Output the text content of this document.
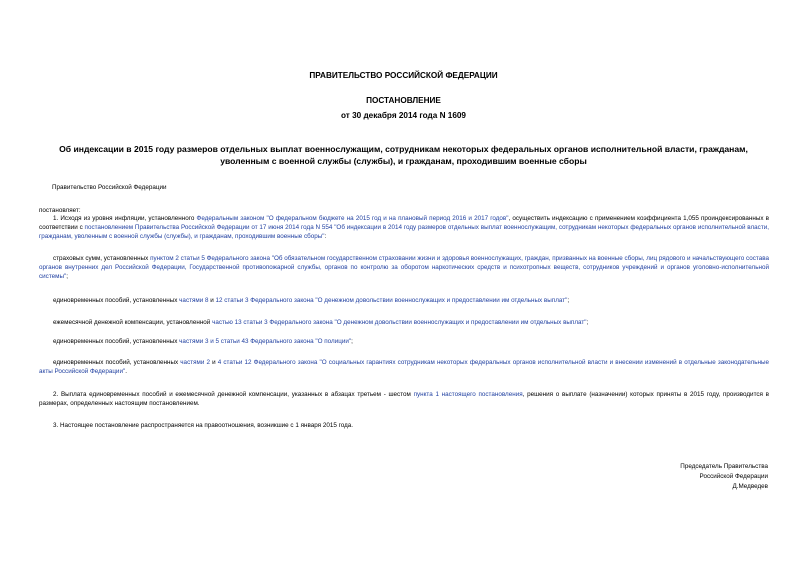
ПРАВИТЕЛЬСТВО РОССИЙСКОЙ ФЕДЕРАЦИИ
ПОСТАНОВЛЕНИЕ
от 30 декабря 2014 года N 1609
Об индексации в 2015 году размеров отдельных выплат военнослужащим, сотрудникам некоторых федеральных органов исполнительной власти, гражданам, уволенным с военной службы (службы), и гражданам, проходившим военные сборы
Правительство Российской Федерации
постановляет:
1. Исходя из уровня инфляции, установленного Федеральным законом "О федеральном бюджете на 2015 год и на плановый период 2016 и 2017 годов", осуществить индексацию с применением коэффициента 1,055 проиндексированных в соответствии с постановлением Правительства Российской Федерации от 17 июня 2014 года N 554 "Об индексации в 2014 году размеров отдельных выплат военнослужащим, сотрудникам некоторых федеральных органов исполнительной власти, гражданам, уволенным с военной службы (службы), и гражданам, проходившим военные сборы":
страховых сумм, установленных пунктом 2 статьи 5 Федерального закона "Об обязательном государственном страховании жизни и здоровья военнослужащих, граждан, призванных на военные сборы, лиц рядового и начальствующего состава органов внутренних дел Российской Федерации, Государственной противопожарной службы, органов по контролю за оборотом наркотических средств и психотропных веществ, сотрудников учреждений и органов уголовно-исполнительной системы";
единовременных пособий, установленных частями 8 и 12 статьи 3 Федерального закона "О денежном довольствии военнослужащих и предоставлении им отдельных выплат";
ежемесячной денежной компенсации, установленной частью 13 статьи 3 Федерального закона "О денежном довольствии военнослужащих и предоставлении им отдельных выплат";
единовременных пособий, установленных частями 3 и 5 статьи 43 Федерального закона "О полиции";
единовременных пособий, установленных частями 2 и 4 статьи 12 Федерального закона "О социальных гарантиях сотрудникам некоторых федеральных органов исполнительной власти и внесении изменений в отдельные законодательные акты Российской Федерации".
2. Выплата единовременных пособий и ежемесячной денежной компенсации, указанных в абзацах третьем - шестом пункта 1 настоящего постановления, решения о выплате (назначении) которых приняты в 2015 году, производится в размерах, определенных настоящим постановлением.
3. Настоящее постановление распространяется на правоотношения, возникшие с 1 января 2015 года.
Председатель Правительства
Российской Федерации
Д.Медведев
